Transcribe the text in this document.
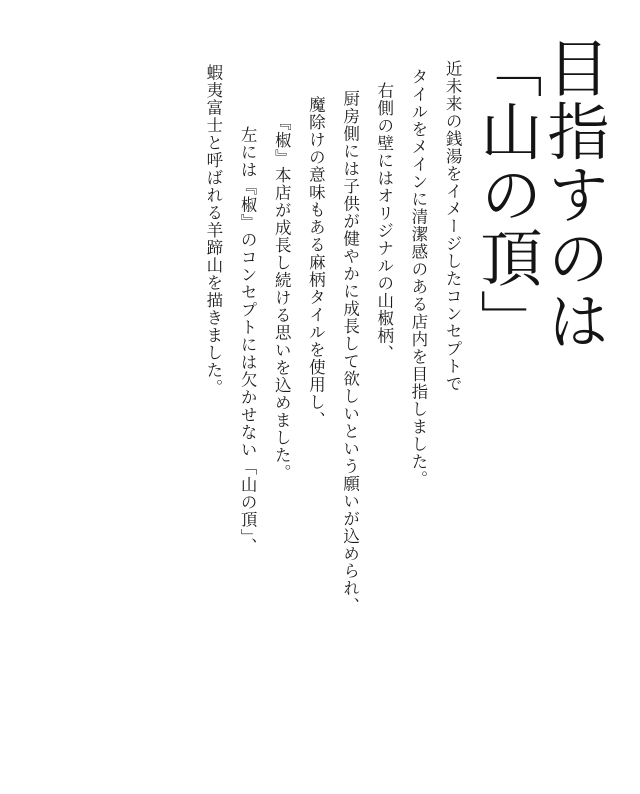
目指すのは「山の頂」
近未来の銭湯をイメージしたコンセプトで
タイルをメインに清潔感のある店内を目指しました。
右側の壁にはオリジナルの山椒柄、
厨房側には子供が健やかに成長して欲しいという願いが込められ、
魔除けの意味もある麻柄タイルを使用し、
『椒』本店が成長し続ける思いを込めました。
左には『椒』のコンセプトには欠かせない「山の頂」、
蝦夷富士と呼ばれる羊蹄山を描きました。
